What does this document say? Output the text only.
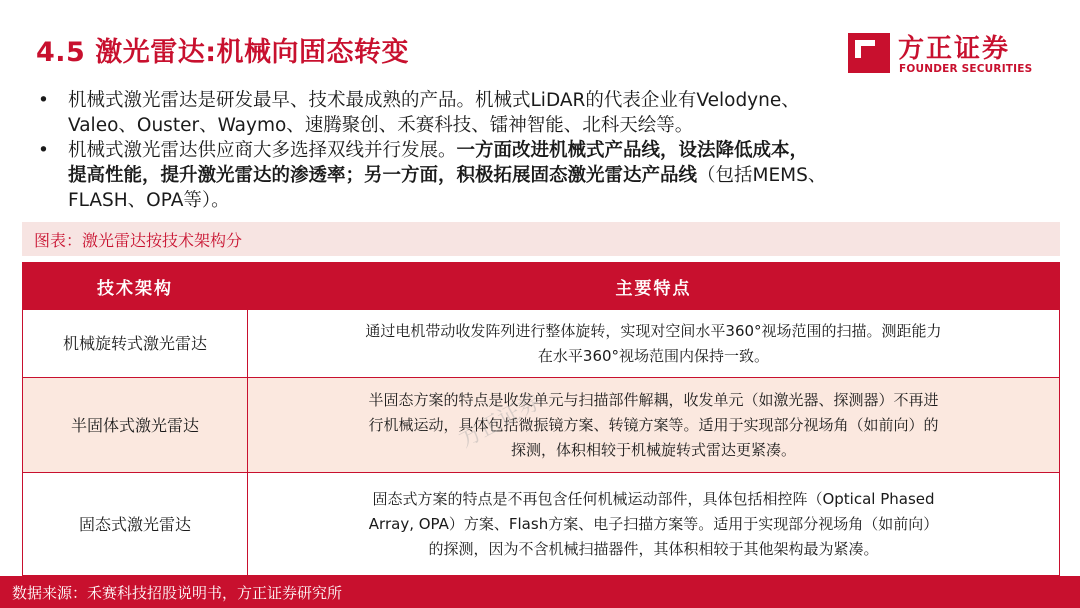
4.5 激光雷达:机械向固态转变	方正证券
FOUNDER SECURITIES
• 机械式激光雷达是研发最早、技术最成熟的产品。机械式LiDAR的代表企业有Velodyne、
Valeo、Ouster、Waymo、速腾聚创、禾赛科技、镭神智能、北科天绘等。
• 机械式激光雷达供应商大多选择双线并行发展。一方面改进机械式产品线，设法降低成本，
提高性能，提升激光雷达的渗透率；另一方面，积极拓展固态激光雷达产品线（包括MEMS、
FLASH、OPA等）。
图表：激光雷达按技术架构分
技术架构	主要特点
机械旋转式激光雷达	通过电机带动收发阵列进行整体旋转，实现对空间水平360°视场范围的扫描。测距能力
在水平360°视场范围内保持一致。

半固体式激光雷达	半固态方案的特点是收发单元与扫描部件解耦，收发单元（如激光器、探测器）不再进
行机械运动，具体包括微振镜方案、转镜方案等。适用于实现部分视场角（如前向）的
探测，体积相较于机械旋转式雷达更紧凑。

固态式激光雷达	固态式方案的特点是不再包含任何机械运动部件，具体包括相控阵（Optical Phased
Array, OPA）方案、Flash方案、电子扫描方案等。适用于实现部分视场角（如前向）
的探测，因为不含机械扫描器件，其体积相较于其他架构最为紧凑。
方正证券
数据来源：禾赛科技招股说明书，方正证券研究所
